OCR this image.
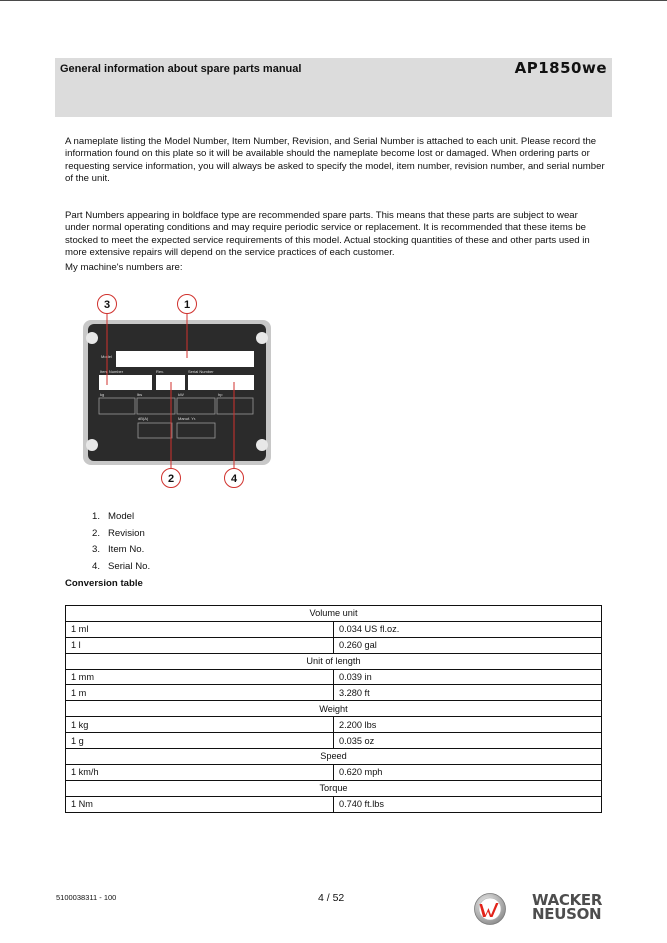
General information about spare parts manual	AP1850we
A nameplate listing the Model Number, Item Number, Revision, and Serial Number is attached to each unit. Please record the information found on this plate so it will be available should the nameplate become lost or damaged. When ordering parts or requesting service information, you will always be asked to specify the model, item number, revision number, and serial number of the unit.
Part Numbers appearing in boldface type are recommended spare parts. This means that these parts are subject to wear under normal operating conditions and may require periodic service or replacement. It is recommended that these items be stocked to meet the expected service requirements of this model. Actual stocking quantities of these and other parts used in more extensive repairs will depend on the service practices of each customer.
My machine's numbers are:
Model
Item Number	Rev.	Serial Number
kg	lbs	kW	hp
dB(A)	Manuf. Yr.
3	1
2	4
1. Model
2. Revision
3. Item No.
4. Serial No.
Conversion table
Volume unit	
1 ml	0.034 US fl.oz.
1 l	0.260 gal
Unit of length	
1 mm	0.039 in
1 m	3.280 ft
Weight	
1 kg	2.200 lbs
1 g	0.035 oz
Speed	
1 km/h	0.620 mph
Torque	
1 Nm	0.740 ft.lbs
5100038311 - 100	4 / 52	WACKER
NEUSON
